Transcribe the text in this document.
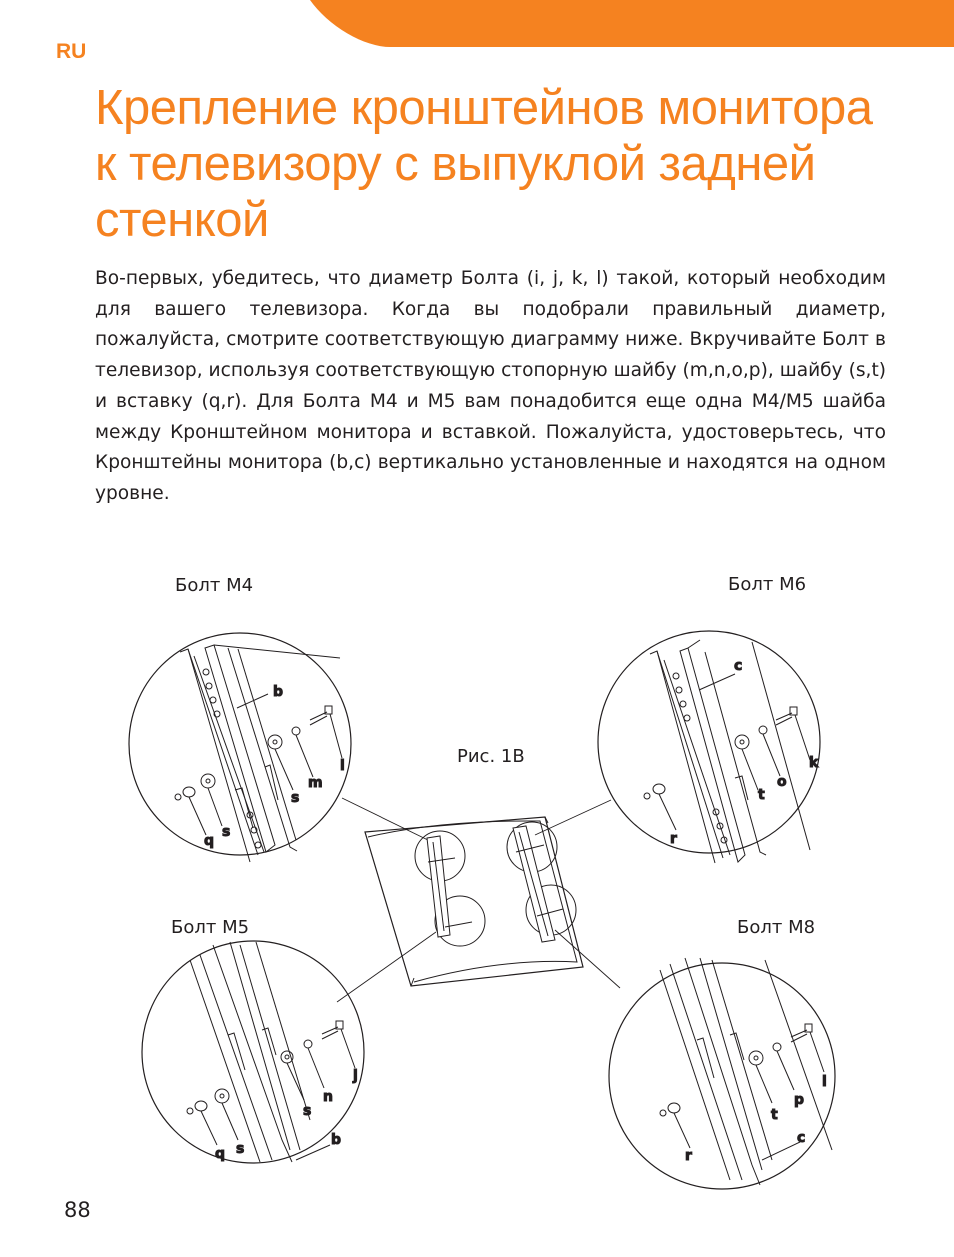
RU
Крепление кронштейнов монитора к телевизору с выпуклой задней стенкой

Во-первых, убедитесь, что диаметр Болта (i, j, k, l) такой, который необходим для вашего телевизора. Когда вы подобрали правильный диаметр, пожалуйста, смотрите соответствующую диаграмму ниже. Вкручивайте Болт в телевизор, используя соответствующую стопорную шайбу (m,n,o,p), шайбу (s,t) и вставку (q,r). Для Болта M4 и M5 вам понадобится еще одна M4/M5 шайба между Кронштейном монитора и вставкой. Пожалуйста, удостоверьтесь, что Кронштейны монитора (b,c) вертикально установленные и находятся на одном уровне.

Болт M4	Болт M6
Болт M5	Болт M8
Рис. 1B
b
i
m
s
q
s
c
o
k
t
r
j
n
s
b
q s
l
p
t
c
r
88
